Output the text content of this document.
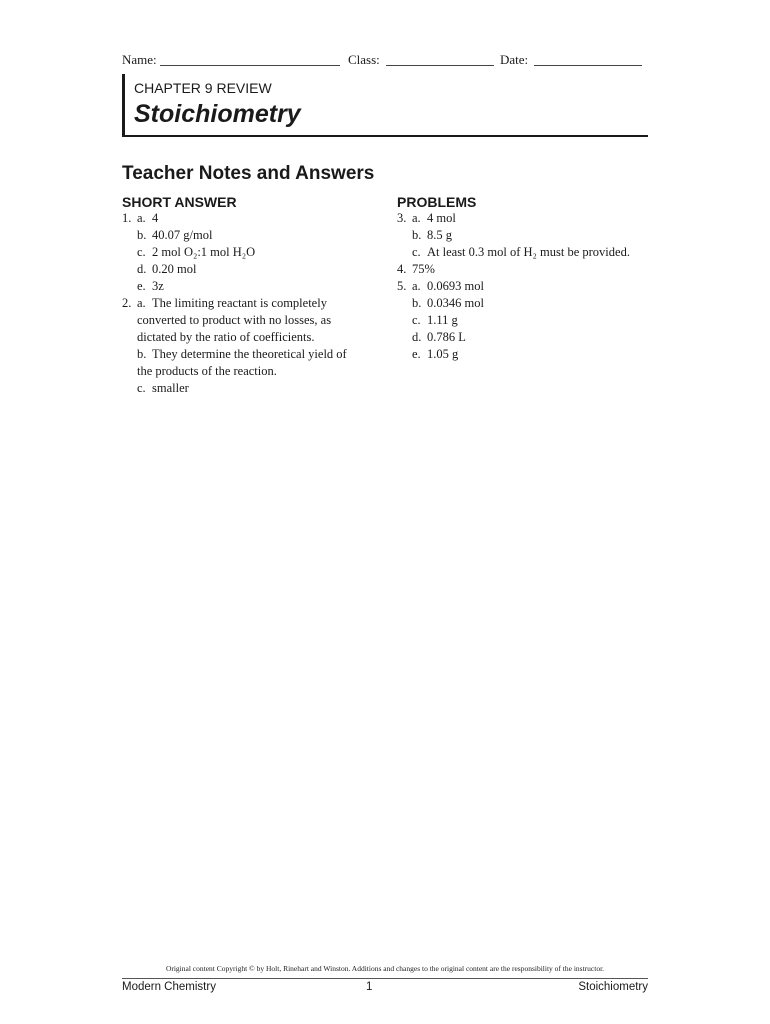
Name:	Class:	Date:
CHAPTER 9 REVIEW
Stoichiometry
Teacher Notes and Answers
SHORT ANSWER
1. a. 4
b. 40.07 g/mol
c. 2 mol O₂:1 mol H₂O
d. 0.20 mol
e. 3z
2. a. The limiting reactant is completely
converted to product with no losses, as
dictated by the ratio of coefficients.
b. They determine the theoretical yield of
the products of the reaction.
c. smaller
PROBLEMS
3. a. 4 mol
b. 8.5 g
c. At least 0.3 mol of H₂ must be provided.
4. 75%
5. a. 0.0693 mol
b. 0.0346 mol
c. 1.11 g
d. 0.786 L
e. 1.05 g
Original content Copyright © by Holt, Rinehart and Winston. Additions and changes to the original content are the responsibility of the instructor.
Modern Chemistry	1	Stoichiometry
